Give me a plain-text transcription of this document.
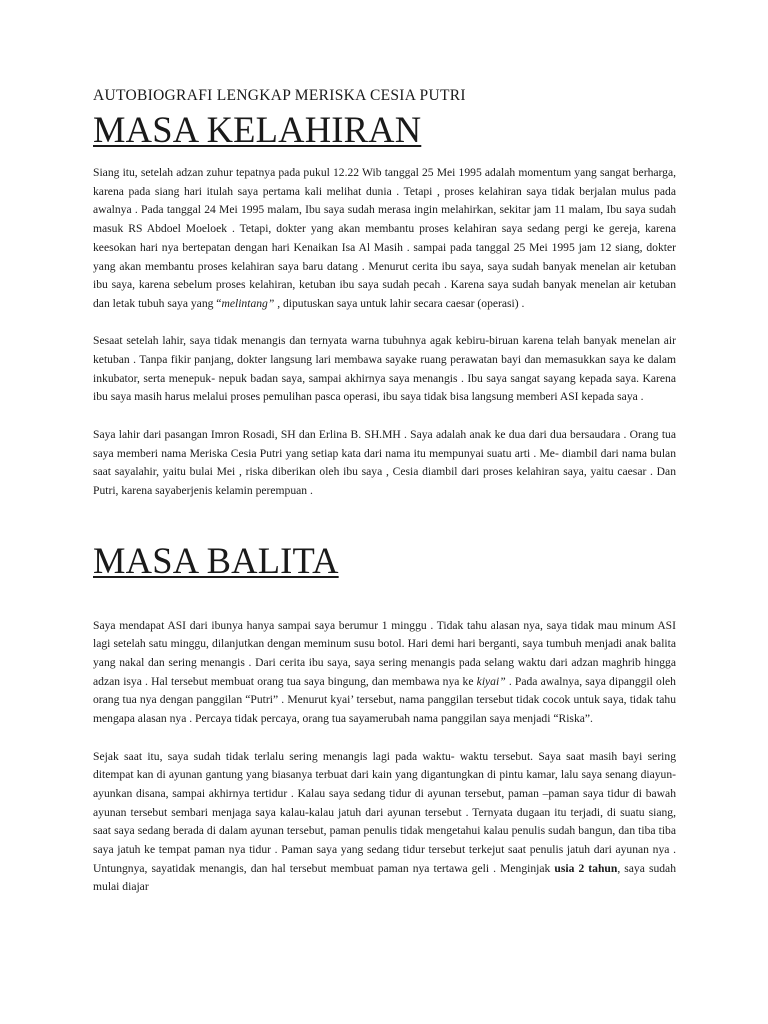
AUTOBIOGRAFI LENGKAP MERISKA CESIA PUTRI
MASA KELAHIRAN

Siang itu, setelah adzan zuhur tepatnya pada pukul 12.22 Wib tanggal 25 Mei 1995 adalah momentum yang sangat berharga, karena pada siang hari itulah saya pertama kali melihat dunia . Tetapi , proses kelahiran saya tidak berjalan mulus pada awalnya . Pada tanggal 24 Mei 1995 malam, Ibu saya sudah merasa ingin melahirkan, sekitar jam 11 malam, Ibu saya sudah masuk RS Abdoel Moeloek . Tetapi, dokter yang akan membantu proses kelahiran saya sedang pergi ke gereja, karena keesokan hari nya bertepatan dengan hari Kenaikan Isa Al Masih . sampai pada tanggal 25 Mei 1995 jam 12 siang, dokter yang akan membantu proses kelahiran saya baru datang . Menurut cerita ibu saya, saya sudah banyak menelan air ketuban ibu saya, karena sebelum proses kelahiran, ketuban ibu saya sudah pecah . Karena saya sudah banyak menelan air ketuban dan letak tubuh saya yang “melintang” , diputuskan saya untuk lahir secara caesar (operasi) .

Sesaat setelah lahir, saya tidak menangis dan ternyata warna tubuhnya agak kebiru-biruan karena telah banyak menelan air ketuban . Tanpa fikir panjang, dokter langsung lari membawa sayake ruang perawatan bayi dan memasukkan saya ke dalam inkubator, serta menepuk- nepuk badan saya, sampai akhirnya saya menangis . Ibu saya sangat sayang kepada saya. Karena ibu saya masih harus melalui proses pemulihan pasca operasi, ibu saya tidak bisa langsung memberi ASI kepada saya .

Saya lahir dari pasangan Imron Rosadi, SH dan Erlina B. SH.MH . Saya adalah anak ke dua dari dua bersaudara . Orang tua saya memberi nama Meriska Cesia Putri yang setiap kata dari nama itu mempunyai suatu arti . Me- diambil dari nama bulan saat sayalahir, yaitu bulai Mei , riska diberikan oleh ibu saya , Cesia diambil dari proses kelahiran saya, yaitu caesar . Dan Putri, karena sayaberjenis kelamin perempuan .

MASA BALITA

Saya mendapat ASI dari ibunya hanya sampai saya berumur 1 minggu . Tidak tahu alasan nya, saya tidak mau minum ASI lagi setelah satu minggu, dilanjutkan dengan meminum susu botol. Hari demi hari berganti, saya tumbuh menjadi anak balita yang nakal dan sering menangis . Dari cerita ibu saya, saya sering menangis pada selang waktu dari adzan maghrib hingga adzan isya . Hal tersebut membuat orang tua saya bingung, dan membawa nya ke kiyai” . Pada awalnya, saya dipanggil oleh orang tua nya dengan panggilan “Putri” . Menurut kyai’ tersebut, nama panggilan tersebut tidak cocok untuk saya, tidak tahu mengapa alasan nya . Percaya tidak percaya, orang tua sayamerubah nama panggilan saya menjadi “Riska”.

Sejak saat itu, saya sudah tidak terlalu sering menangis lagi pada waktu- waktu tersebut. Saya saat masih bayi sering ditempat kan di ayunan gantung yang biasanya terbuat dari kain yang digantungkan di pintu kamar, lalu saya senang diayun-ayunkan disana, sampai akhirnya tertidur . Kalau saya sedang tidur di ayunan tersebut, paman –paman saya tidur di bawah ayunan tersebut sembari menjaga saya kalau-kalau jatuh dari ayunan tersebut . Ternyata dugaan itu terjadi, di suatu siang, saat saya sedang berada di dalam ayunan tersebut, paman penulis tidak mengetahui kalau penulis sudah bangun, dan tiba tiba saya jatuh ke tempat paman nya tidur . Paman saya yang sedang tidur tersebut terkejut saat penulis jatuh dari ayunan nya . Untungnya, sayatidak menangis, dan hal tersebut membuat paman nya tertawa geli . Menginjak usia 2 tahun, saya sudah mulai diajar
